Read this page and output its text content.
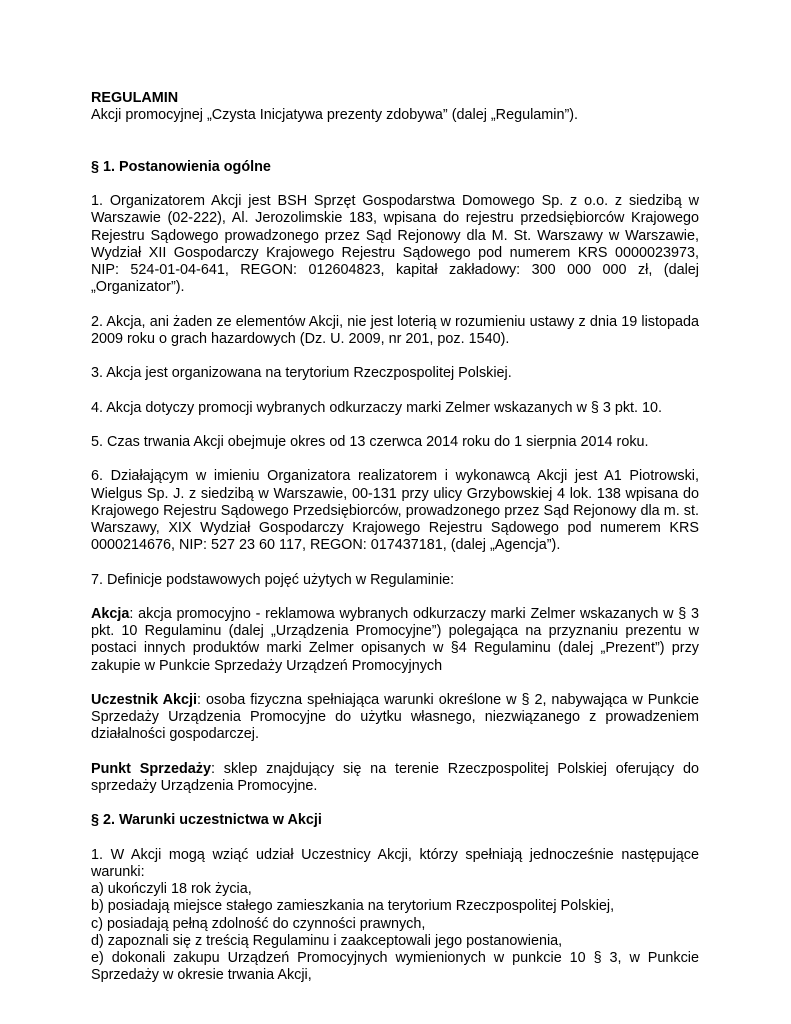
REGULAMIN

Akcji promocyjnej „Czysta Inicjatywa prezenty zdobywa” (dalej „Regulamin”).

§ 1. Postanowienia ogólne

1. Organizatorem Akcji jest BSH Sprzęt Gospodarstwa Domowego Sp. z o.o. z siedzibą w Warszawie (02-222), Al. Jerozolimskie 183, wpisana do rejestru przedsiębiorców Krajowego Rejestru Sądowego prowadzonego przez Sąd Rejonowy dla M. St. Warszawy w Warszawie, Wydział XII Gospodarczy Krajowego Rejestru Sądowego pod numerem KRS 0000023973, NIP: 524-01-04-641, REGON: 012604823, kapitał zakładowy: 300 000 000 zł, (dalej „Organizator”).

2. Akcja, ani żaden ze elementów Akcji, nie jest loterią w rozumieniu ustawy z dnia 19 listopada 2009 roku o grach hazardowych (Dz. U. 2009, nr 201, poz. 1540).

3. Akcja jest organizowana na terytorium Rzeczpospolitej Polskiej.

4. Akcja dotyczy promocji wybranych odkurzaczy marki Zelmer wskazanych w § 3 pkt. 10.

5. Czas trwania Akcji obejmuje okres od 13 czerwca 2014 roku do 1 sierpnia 2014 roku.

6. Działającym w imieniu Organizatora realizatorem i wykonawcą Akcji jest A1 Piotrowski, Wielgus Sp. J. z siedzibą w Warszawie, 00-131 przy ulicy Grzybowskiej 4 lok. 138 wpisana do Krajowego Rejestru Sądowego Przedsiębiorców, prowadzonego przez Sąd Rejonowy dla m. st. Warszawy, XIX Wydział Gospodarczy Krajowego Rejestru Sądowego pod numerem KRS 0000214676, NIP: 527 23 60 117, REGON: 017437181, (dalej „Agencja”).

7. Definicje podstawowych pojęć użytych w Regulaminie:

Akcja: akcja promocyjno - reklamowa wybranych odkurzaczy marki Zelmer wskazanych w § 3 pkt. 10 Regulaminu (dalej „Urządzenia Promocyjne”) polegająca na przyznaniu prezentu w postaci innych produktów marki Zelmer opisanych w §4 Regulaminu (dalej „Prezent”) przy zakupie w Punkcie Sprzedaży Urządzeń Promocyjnych

Uczestnik Akcji: osoba fizyczna spełniająca warunki określone w § 2, nabywająca w Punkcie Sprzedaży Urządzenia Promocyjne do użytku własnego, niezwiązanego z prowadzeniem działalności gospodarczej.

Punkt Sprzedaży: sklep znajdujący się na terenie Rzeczpospolitej Polskiej oferujący do sprzedaży Urządzenia Promocyjne.

§ 2. Warunki uczestnictwa w Akcji

1. W Akcji mogą wziąć udział Uczestnicy Akcji, którzy spełniają jednocześnie następujące warunki:

a) ukończyli 18 rok życia,

b) posiadają miejsce stałego zamieszkania na terytorium Rzeczpospolitej Polskiej,

c) posiadają pełną zdolność do czynności prawnych,

d) zapoznali się z treścią Regulaminu i zaakceptowali jego postanowienia,

e) dokonali zakupu Urządzeń Promocyjnych wymienionych w punkcie 10 § 3, w Punkcie Sprzedaży w okresie trwania Akcji,
